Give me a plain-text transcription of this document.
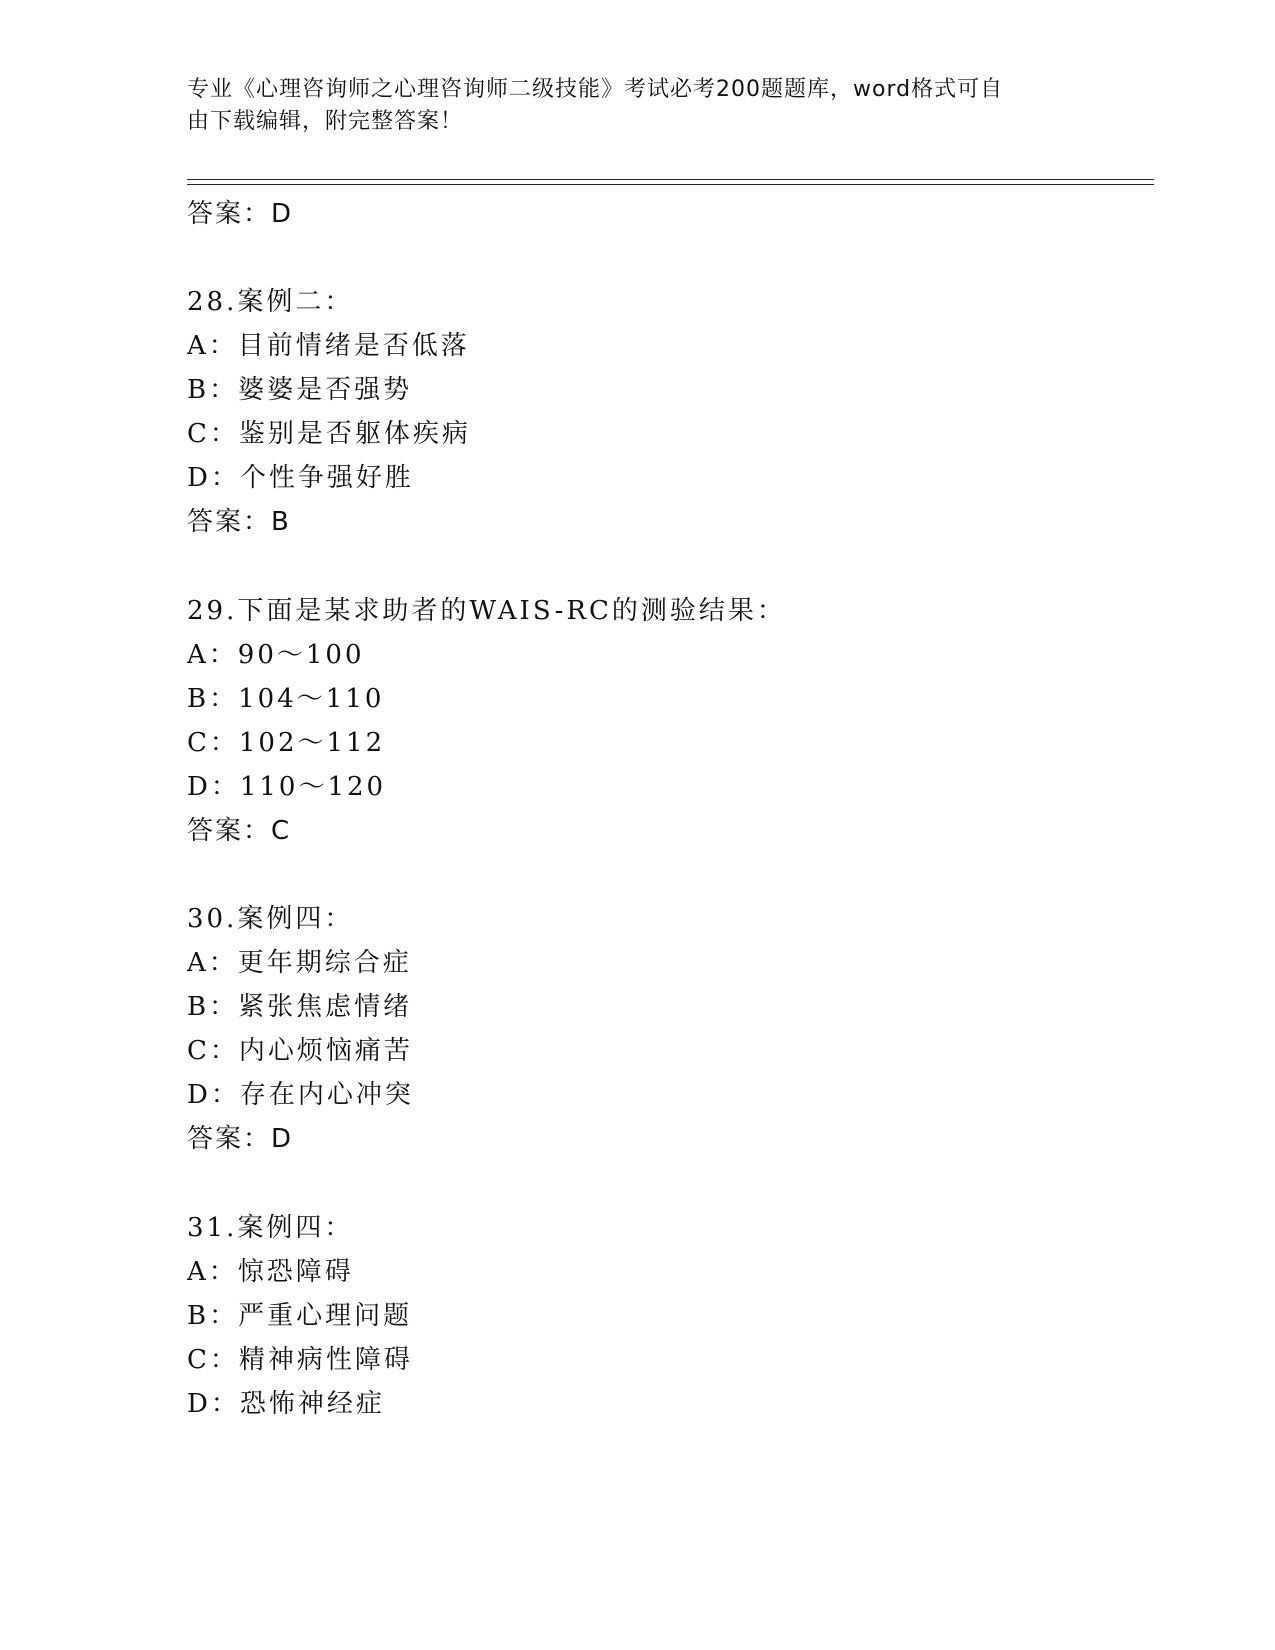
专业《心理咨询师之心理咨询师二级技能》考试必考200题题库，word格式可自
由下载编辑，附完整答案！

答案：D

28.案例二：

A：目前情绪是否低落

B：婆婆是否强势

C：鉴别是否躯体疾病

D：个性争强好胜

答案：B

29.下面是某求助者的WAIS-RC的测验结果：

A：90～100

B：104～110

C：102～112

D：110～120

答案：C

30.案例四：

A：更年期综合症

B：紧张焦虑情绪

C：内心烦恼痛苦

D：存在内心冲突

答案：D

31.案例四：

A：惊恐障碍

B：严重心理问题

C：精神病性障碍

D：恐怖神经症
